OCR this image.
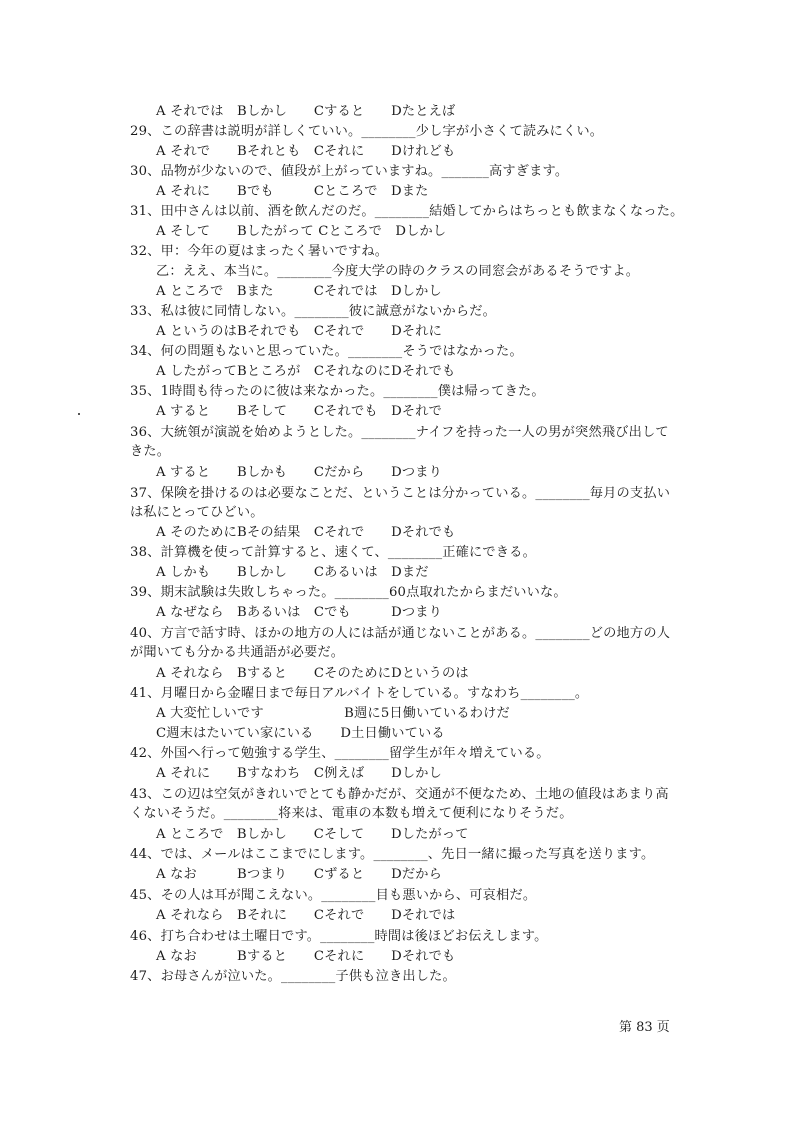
A それでは　Bしかし　　Cすると　　Dたとえば
29、この辞書は説明が詳しくていい。________少し字が小さくて読みにくい。
A それで　　Bそれとも　Cそれに　　Dけれども
30、品物が少ないので、値段が上がっていますね。_______高すぎます。
A それに　　Bでも　　　Cところで　Dまた
31、田中さんは以前、酒を飲んだのだ。________結婚してからはちっとも飲まなくなった。
A そして　　Bしたがって Cところで　Dしかし
32、甲：今年の夏はまったく暑いですね。
乙：ええ、本当に。________今度大学の時のクラスの同窓会があるそうですよ。
A ところで　Bまた　　　Cそれでは　Dしかし
33、私は彼に同情しない。________彼に誠意がないからだ。
A というのはBそれでも　Cそれで　　Dそれに
34、何の問題もないと思っていた。________そうではなかった。
A したがってBところが　CそれなのにDそれでも
35、1時間も待ったのに彼は来なかった。________僕は帰ってきた。
A すると　　Bそして　　Cそれでも　Dそれで
36、大統領が演説を始めようとした。________ナイフを持った一人の男が突然飛び出して
きた。
A すると　　Bしかも　　Cだから　　Dつまり
37、保険を掛けるのは必要なことだ、ということは分かっている。________毎月の支払い
は私にとってひどい。
A そのためにBその結果　Cそれで　　Dそれでも
38、計算機を使って計算すると、速くて、________正確にできる。
A しかも　　Bしかし　　Cあるいは　Dまだ
39、期末試験は失敗しちゃった。________60点取れたからまだいいな。
A なぜなら　Bあるいは　Cでも　　　Dつまり
40、方言で話す時、ほかの地方の人には話が通じないことがある。________どの地方の人
が聞いても分かる共通語が必要だ。
A それなら　Bすると　　CそのためにDというのは
41、月曜日から金曜日まで毎日アルバイトをしている。すなわち________。
A 大変忙しいです　　　　　　B週に5日働いているわけだ
C週末はたいてい家にいる　　D土日働いている
42、外国へ行って勉強する学生、________留学生が年々増えている。
A それに　　Bすなわち　C例えば　　Dしかし
43、この辺は空気がきれいでとても静かだが、交通が不便なため、土地の値段はあまり高
くないそうだ。________将来は、電車の本数も増えて便利になりそうだ。
A ところで　Bしかし　　Cそして　　Dしたがって
44、では、メールはここまでにします。________、先日一緒に撮った写真を送ります。
A なお　　　Bつまり　　Cずると　　Dだから
45、その人は耳が聞こえない。________目も悪いから、可哀相だ。
A それなら　Bそれに　　Cそれで　　Dそれでは
46、打ち合わせは土曜日です。________時間は後ほどお伝えします。
A なお　　　Bすると　　Cそれに　　Dそれでも
47、お母さんが泣いた。________子供も泣き出した。
第 83 页
